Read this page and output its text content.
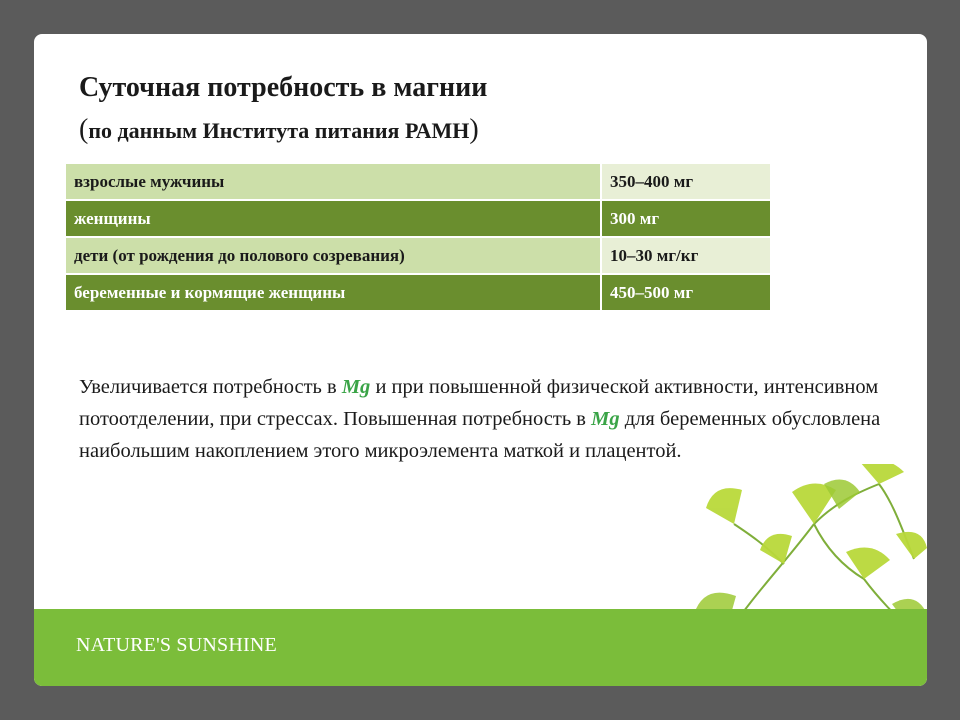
Суточная потребность в магнии
(по данным Института питания РАМН)
взрослые мужчины	350–400 мг
женщины	300 мг
дети (от рождения до полового созревания)	10–30 мг/кг
беременные и кормящие женщины	450–500 мг
Увеличивается потребность в Mg и при повышенной физической активности, интенсивном потоотделении, при стрессах. Повышенная потребность в Mg для беременных обусловлена наибольшим накоплением этого микроэлемента маткой и плацентой.
NATURE'S SUNSHINE
